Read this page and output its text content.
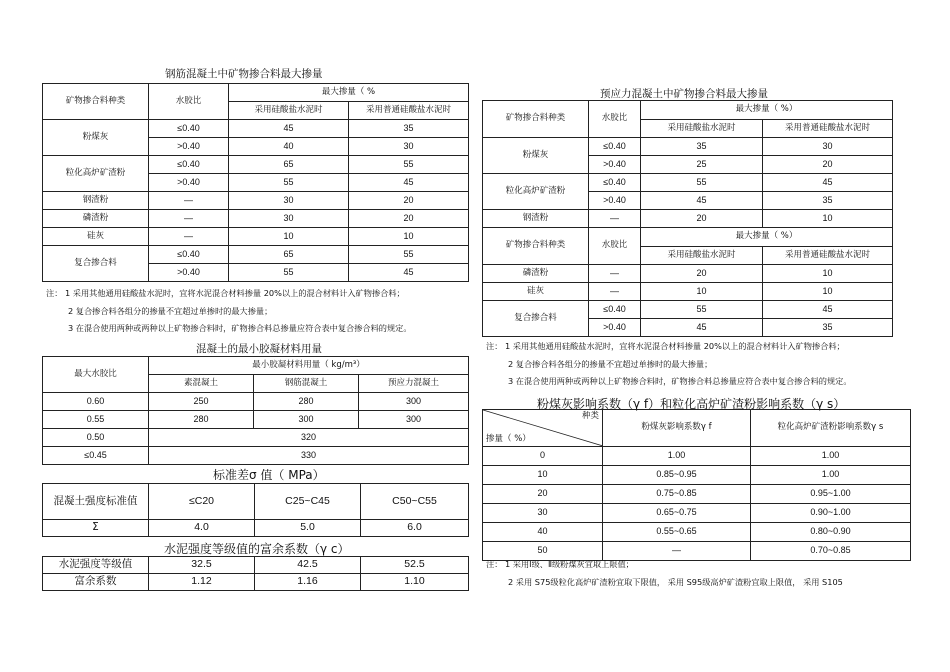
钢筋混凝土中矿物掺合料最大掺量
矿物掺合料种类	水胶比	最大掺量（ %	
		采用硅酸盐水泥时	采用普通硅酸盐水泥时
粉煤灰	≤0.40	45	35
	>0.40	40	30
粒化高炉矿渣粉	≤0.40	65	55
	>0.40	55	45
钢渣粉	—	30	20
磷渣粉	—	30	20
硅灰	—	10	10
复合掺合料	≤0.40	65	55
	>0.40	55	45
注： 1 采用其他通用硅酸盐水泥时，宜将水泥混合材料掺量 20%以上的混合材料计入矿物掺合料；
2 复合掺合料各组分的掺量不宜超过单掺时的最大掺量；
3 在混合使用两种或两种以上矿物掺合料时，矿物掺合料总掺量应符合表中复合掺合料的规定。
混凝土的最小胶凝材料用量
最大水胶比	最小胶凝材料用量（ kg/m³）		
	素混凝土	钢筋混凝土	预应力混凝土
0.60	250	280	300
0.55	280	300	300
0.50	320		
≤0.45	330		
标准差σ 值（ MPa）
混凝土强度标准值	≤C20	C25~C45	C50~C55
Σ	4.0	5.0	6.0
水泥强度等级值的富余系数（γ c）
水泥强度等级值	32.5	42.5	52.5
富余系数	1.12	1.16	1.10
预应力混凝土中矿物掺合料最大掺量
矿物掺合料种类	水胶比	最大掺量（ %）	
		采用硅酸盐水泥时	采用普通硅酸盐水泥时
粉煤灰	≤0.40	35	30
	>0.40	25	20
粒化高炉矿渣粉	≤0.40	55	45
	>0.40	45	35
钢渣粉	—	20	10
矿物掺合料种类	水胶比	最大掺量（ %）	
		采用硅酸盐水泥时	采用普通硅酸盐水泥时
磷渣粉	—	20	10
硅灰	—	10	10
复合掺合料	≤0.40	55	45
	>0.40	45	35
注： 1 采用其他通用硅酸盐水泥时，宜将水泥混合材料掺量 20%以上的混合材料计入矿物掺合料；
2 复合掺合料各组分的掺量不宜超过单掺时的最大掺量；
3 在混合使用两种或两种以上矿物掺合料时，矿物掺合料总掺量应符合表中复合掺合料的规定。
粉煤灰影响系数（γ f）和粒化高炉矿渣粉影响系数（γ s）
种类
掺量（ %）	粉煤灰影响系数γ f	粒化高炉矿渣粉影响系数γ s
0	1.00	1.00
10	0.85~0.95	1.00
20	0.75~0.85	0.95~1.00
30	0.65~0.75	0.90~1.00
40	0.55~0.65	0.80~0.90
50	—	0.70~0.85
注： 1 采用Ⅰ级、Ⅱ级粉煤灰宜取上限值；
2 采用 S75级粒化高炉矿渣粉宜取下限值， 采用 S95级高炉矿渣粉宜取上限值， 采用 S105
